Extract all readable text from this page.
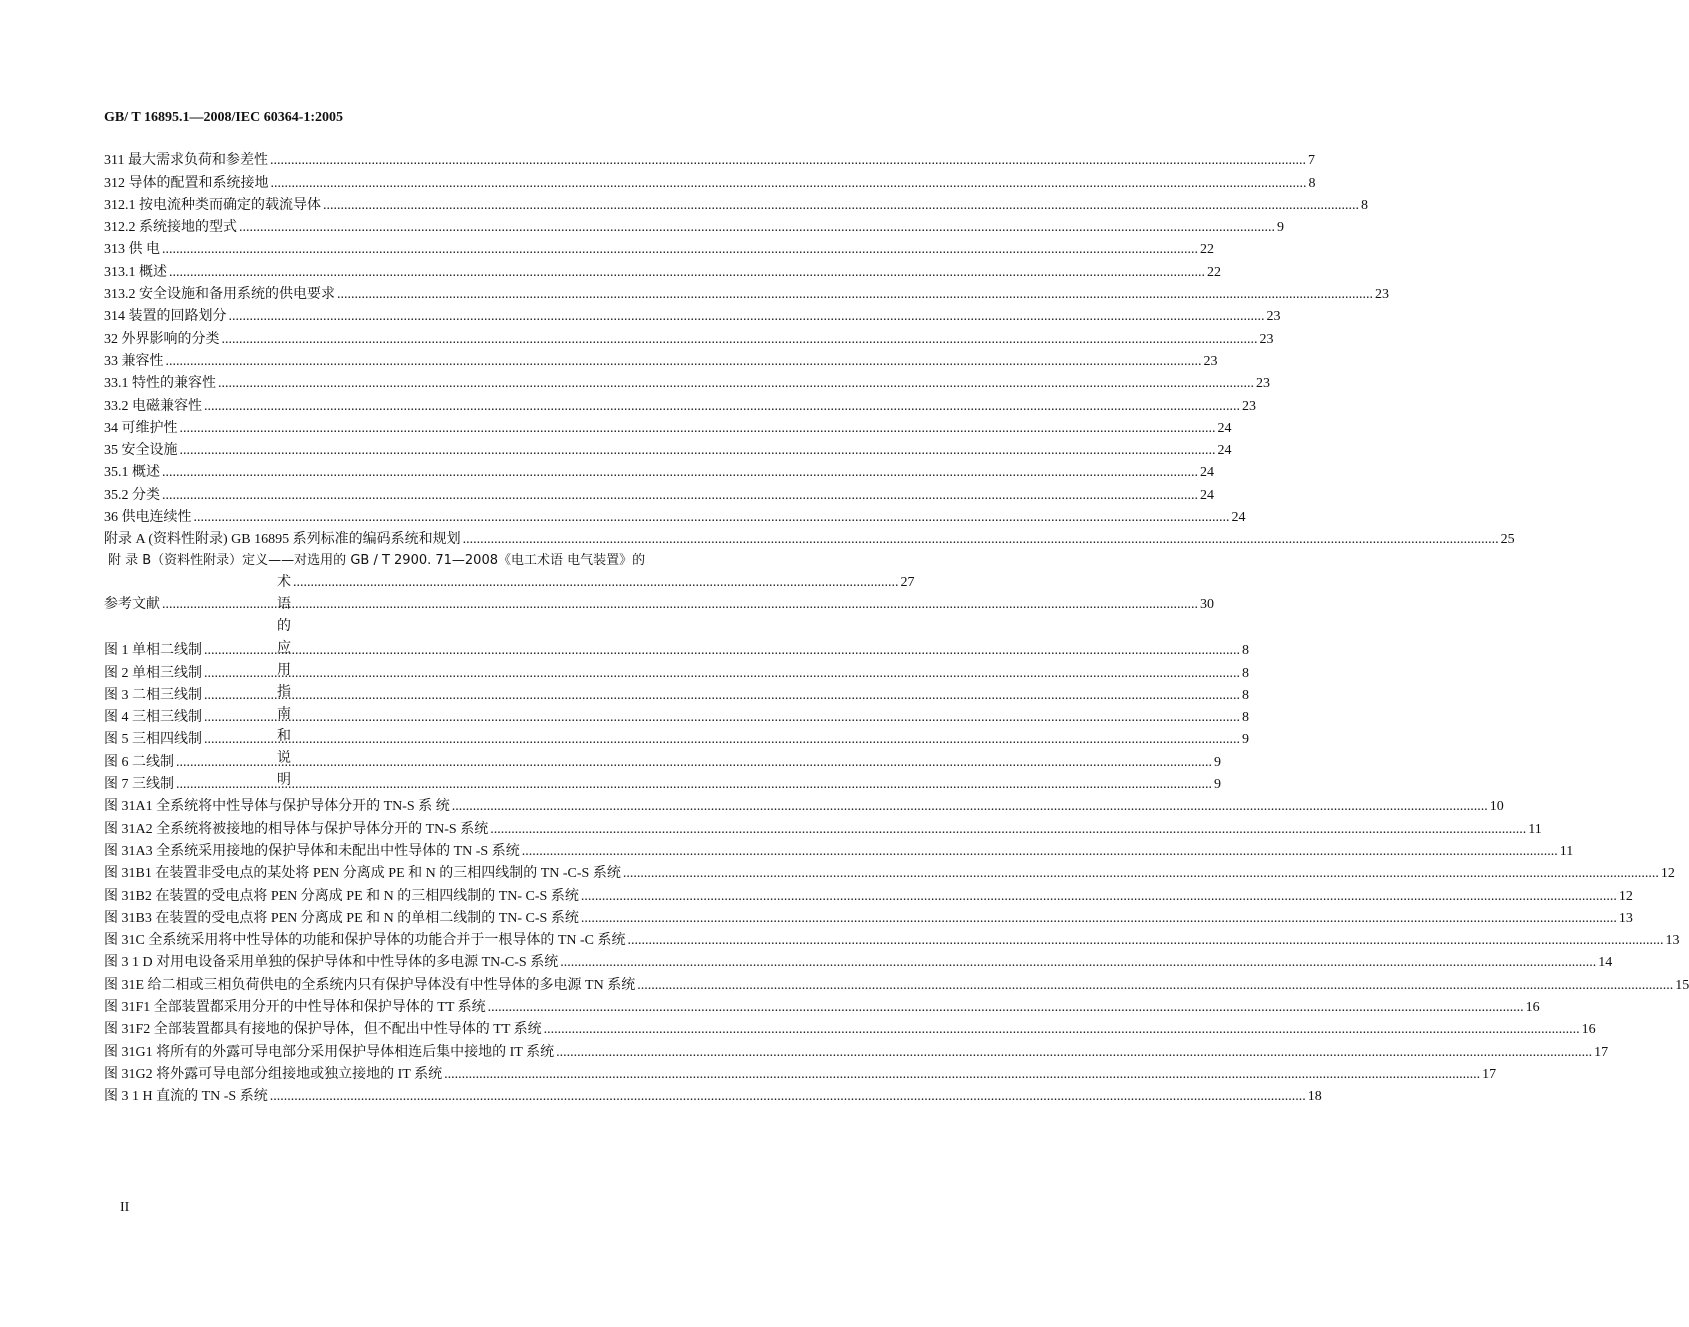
GB/ T 16895.1—2008/IEC 60364-1:2005
311 最大需求负荷和参差性 .....	7
312 导体的配置和系统接地 .....	8
312.1 按电流种类而确定的载流导体 .....	8
312.2 系统接地的型式 .....	9
313 供 电 .....	22
313.1 概述 .....	22
313.2 安全设施和备用系统的供电要求 .....	23
314 装置的回路划分 .....	23
32 外界影响的分类 .....	23
33 兼容性 .....	23
33.1 特性的兼容性 .....	23
33.2 电磁兼容性 .....	23
34 可维护性 .....	24
35 安全设施 .....	24
35.1 概述 .....	24
35.2 分类 .....	24
36 供电连续性 .....	24
附录 A (资料性附录) GB 16895 系列标准的编码系统和规划 .....	25
附 录 B（资料性附录）定义——对选用的 GB / T 2900. 71—2008《电工术语 电气装置》的
术语的应用指南和说明
............................................................................................................................................................................. 27
参考文献 .....	30
图 1 单相二线制 .....	8
图 2 单相三线制 .....	8
图 3 二相三线制 .....	8
图 4 三相三线制 .....	8
图 5 三相四线制 .....	9
图 6 二线制 .....	9
图 7 三线制 .....	9
图 31A1 全系统将中性导体与保护导体分开的 TN-S 系 统 .....	10
图 31A2 全系统将被接地的相导体与保护导体分开的 TN-S 系统 .....	11
图 31A3 全系统采用接地的保护导体和未配出中性导体的 TN -S 系统 .....	11
图 31B1 在装置非受电点的某处将 PEN 分离成 PE 和 N 的三相四线制的 TN -C-S 系统 .....	12
图 31B2 在装置的受电点将 PEN 分离成 PE 和 N 的三相四线制的 TN- C-S 系统 .....	12
图 31B3 在装置的受电点将 PEN 分离成 PE 和 N 的单相二线制的 TN- C-S 系统 .....	13
图 31C 全系统采用将中性导体的功能和保护导体的功能合并于一根导体的 TN -C 系统 .....	13
图 3 1 D 对用电设备采用单独的保护导体和中性导体的多电源 TN-C-S 系统 .....	14
图 31E 给二相或三相负荷供电的全系统内只有保护导体没有中性导体的多电源 TN 系统 .....	15
图 31F1 全部装置都采用分开的中性导体和保护导体的 TT 系统 .....	16
图 31F2 全部装置都具有接地的保护导体，但不配出中性导体的 TT 系统 .....	16
图 31G1 将所有的外露可导电部分采用保护导体相连后集中接地的 IT 系统 .....	17
图 31G2 将外露可导电部分组接地或独立接地的 IT 系统 .....	17
图 3 1 H 直流的 TN -S 系统 .....	18
II
